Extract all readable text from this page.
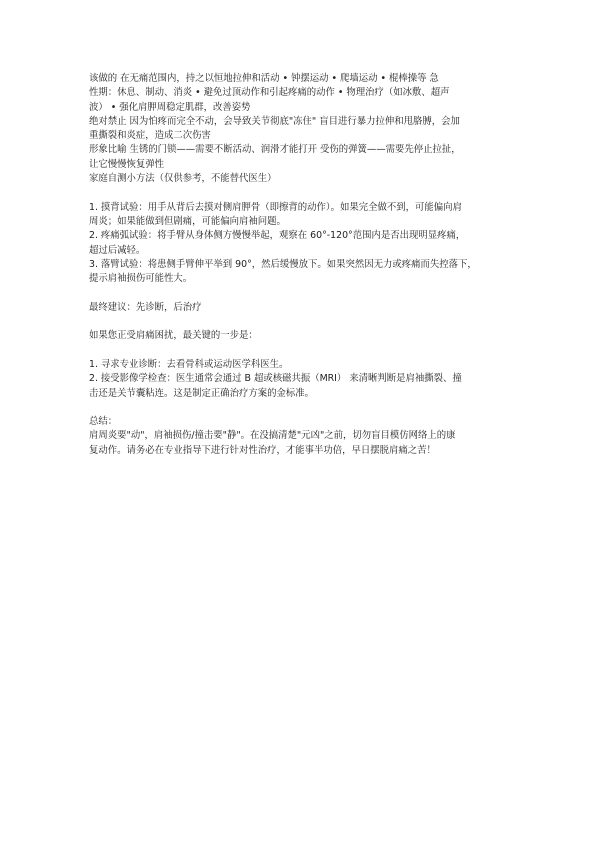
该做的 在无痛范围内，持之以恒地拉伸和活动 • 钟摆运动 • 爬墙运动 • 棍棒操等 急
性期：休息、制动、消炎 • 避免过顶动作和引起疼痛的动作 • 物理治疗（如冰敷、超声
波） • 强化肩胛周稳定肌群，改善姿势
绝对禁止 因为怕疼而完全不动，会导致关节彻底"冻住" 盲目进行暴力拉伸和甩胳膊，会加
重撕裂和炎症，造成二次伤害
形象比喻 生锈的门锁——需要不断活动、润滑才能打开 受伤的弹簧——需要先停止拉扯，
让它慢慢恢复弹性
家庭自测小方法（仅供参考，不能替代医生）
1. 摸背试验：用手从背后去摸对侧肩胛骨（即擦背的动作）。如果完全做不到，可能偏向肩
周炎；如果能做到但剧痛，可能偏向肩袖问题。
2. 疼痛弧试验：将手臂从身体侧方慢慢举起，观察在 60°-120°范围内是否出现明显疼痛，
超过后减轻。
3. 落臂试验：将患侧手臂伸平举到 90°，然后缓慢放下。如果突然因无力或疼痛而失控落下，
提示肩袖损伤可能性大。
最终建议：先诊断，后治疗
如果您正受肩痛困扰，最关键的一步是：
1. 寻求专业诊断：去看骨科或运动医学科医生。
2. 接受影像学检查：医生通常会通过 B 超或核磁共振（MRI） 来清晰判断是肩袖撕裂、撞
击还是关节囊粘连。这是制定正确治疗方案的金标准。
总结：
肩周炎要"动"，肩袖损伤/撞击要"静"。在没搞清楚"元凶"之前，切勿盲目模仿网络上的康
复动作。请务必在专业指导下进行针对性治疗，才能事半功倍，早日摆脱肩痛之苦！
